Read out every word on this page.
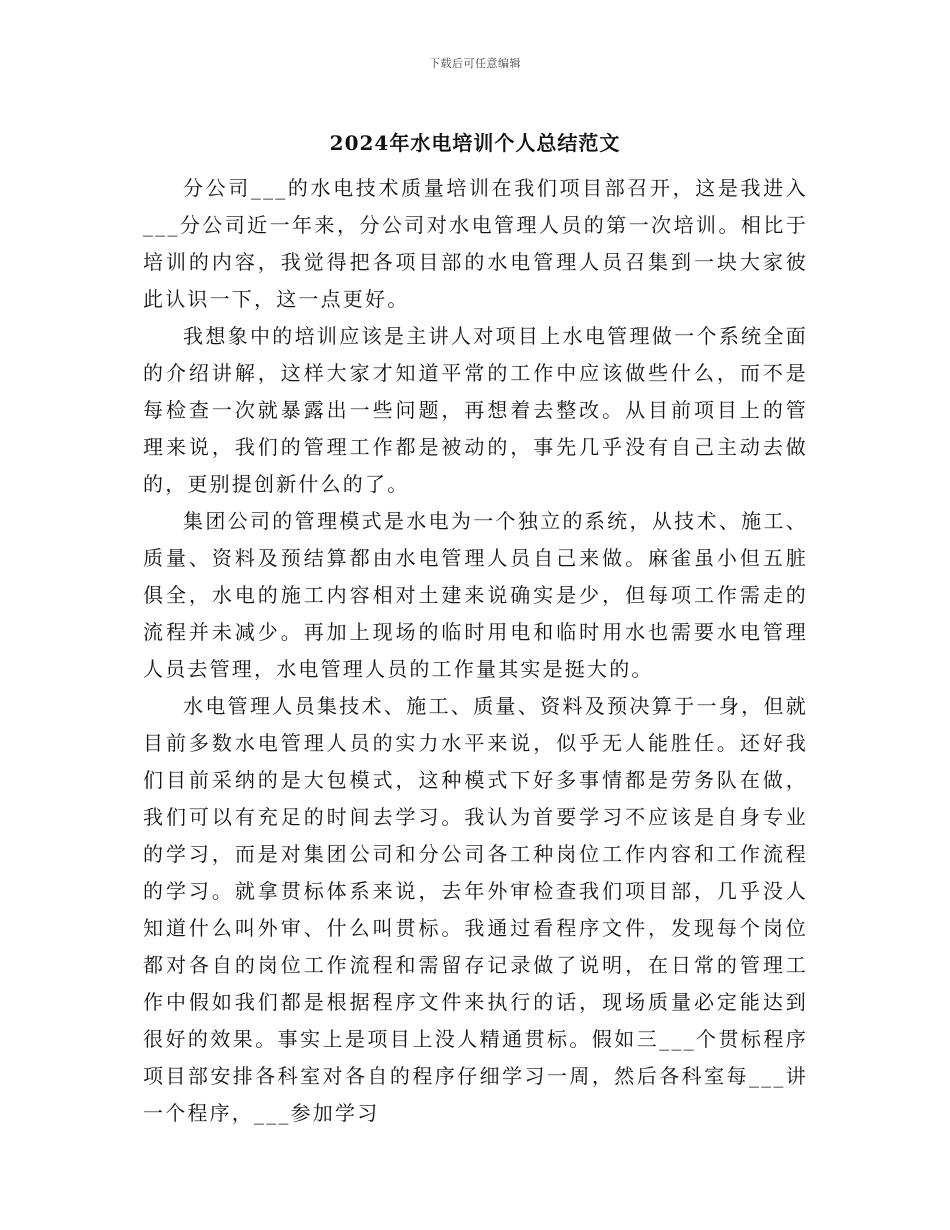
下载后可任意编辑
2024年水电培训个人总结范文

分公司___的水电技术质量培训在我们项目部召开，这是我进入___分公司近一年来，分公司对水电管理人员的第一次培训。相比于培训的内容，我觉得把各项目部的水电管理人员召集到一块大家彼此认识一下，这一点更好。

我想象中的培训应该是主讲人对项目上水电管理做一个系统全面的介绍讲解，这样大家才知道平常的工作中应该做些什么，而不是每检查一次就暴露出一些问题，再想着去整改。从目前项目上的管理来说，我们的管理工作都是被动的，事先几乎没有自己主动去做的，更别提创新什么的了。

集团公司的管理模式是水电为一个独立的系统，从技术、施工、质量、资料及预结算都由水电管理人员自己来做。麻雀虽小但五脏俱全，水电的施工内容相对土建来说确实是少，但每项工作需走的流程并未减少。再加上现场的临时用电和临时用水也需要水电管理人员去管理，水电管理人员的工作量其实是挺大的。

水电管理人员集技术、施工、质量、资料及预决算于一身，但就目前多数水电管理人员的实力水平来说，似乎无人能胜任。还好我们目前采纳的是大包模式，这种模式下好多事情都是劳务队在做，我们可以有充足的时间去学习。我认为首要学习不应该是自身专业的学习，而是对集团公司和分公司各工种岗位工作内容和工作流程的学习。就拿贯标体系来说，去年外审检查我们项目部，几乎没人知道什么叫外审、什么叫贯标。我通过看程序文件，发现每个岗位都对各自的岗位工作流程和需留存记录做了说明，在日常的管理工作中假如我们都是根据程序文件来执行的话，现场质量必定能达到很好的效果。事实上是项目上没人精通贯标。假如三___个贯标程序项目部安排各科室对各自的程序仔细学习一周，然后各科室每___讲一个程序，___参加学习
